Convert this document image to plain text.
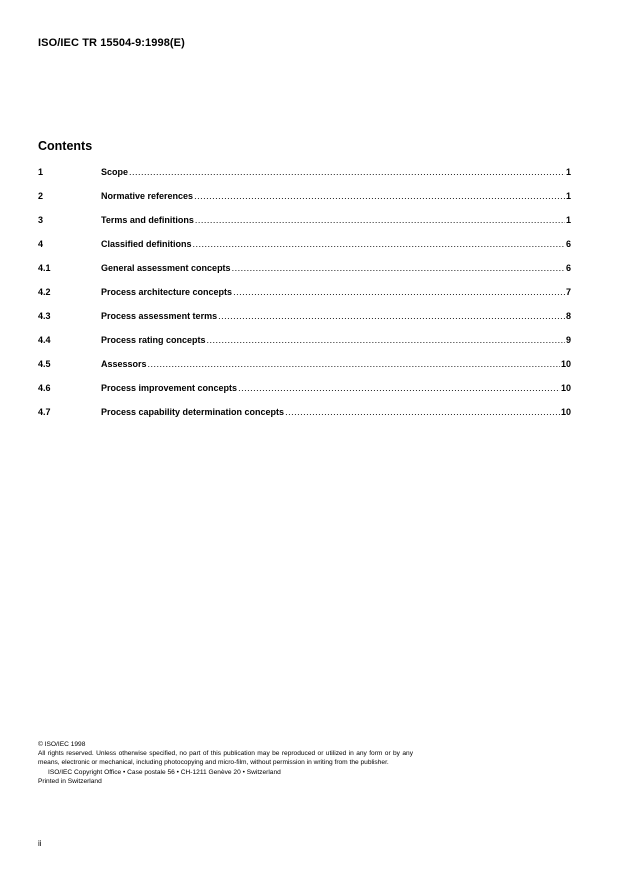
ISO/IEC TR 15504-9:1998(E)
Contents
1	Scope .....	1
2	Normative references .....	1
3	Terms and definitions .....	1
4	Classified definitions .....	6
4.1	General assessment concepts .....	6
4.2	Process architecture concepts .....	7
4.3	Process assessment terms .....	8
4.4	Process rating concepts .....	9
4.5	Assessors .....	10
4.6	Process improvement concepts .....	10
4.7	Process capability determination concepts .....	10
© ISO/IEC 1998
All rights reserved. Unless otherwise specified, no part of this publication may be reproduced or utilized in any form or by any means, electronic or mechanical, including photocopying and micro-film, without permission in writing from the publisher.
ISO/IEC Copyright Office • Case postale 56 • CH-1211 Genève 20 • Switzerland
Printed in Switzerland
ii
